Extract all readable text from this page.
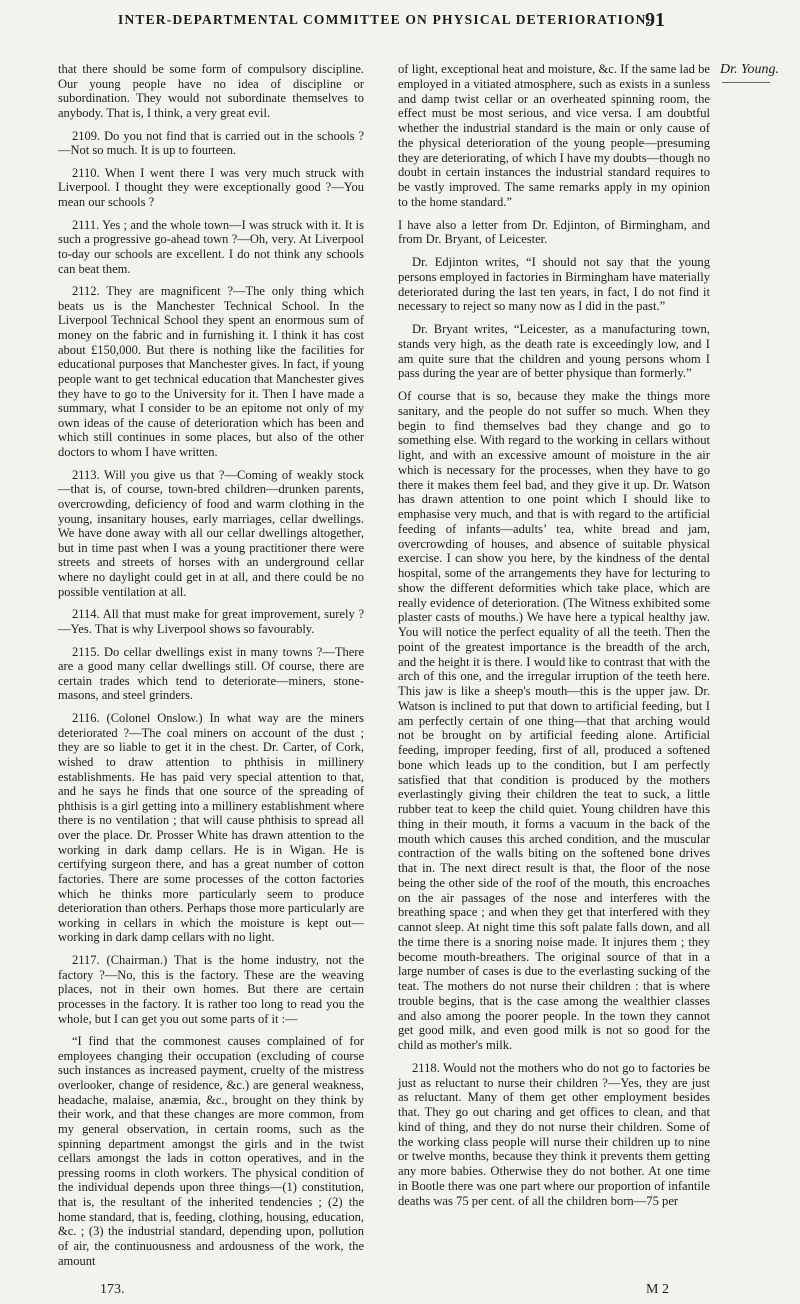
INTER-DEPARTMENTAL COMMITTEE ON PHYSICAL DETERIORATION.
91

that there should be some form of compulsory discipline. Our young people have no idea of discipline or subordination. They would not subordinate themselves to anybody. That is, I think, a very great evil.

2109. Do you not find that is carried out in the schools ?—Not so much. It is up to fourteen.

2110. When I went there I was very much struck with Liverpool. I thought they were exceptionally good ?—You mean our schools ?

2111. Yes ; and the whole town—I was struck with it. It is such a progressive go-ahead town ?—Oh, very. At Liverpool to-day our schools are excellent. I do not think any schools can beat them.

2112. They are magnificent ?—The only thing which beats us is the Manchester Technical School. In the Liverpool Technical School they spent an enormous sum of money on the fabric and in furnishing it. I think it has cost about £150,000. But there is nothing like the facilities for educational purposes that Manchester gives. In fact, if young people want to get technical education that Manchester gives they have to go to the University for it. Then I have made a summary, what I consider to be an epitome not only of my own ideas of the cause of deterioration which has been and which still continues in some places, but also of the other doctors to whom I have written.

2113. Will you give us that ?—Coming of weakly stock —that is, of course, town-bred children—drunken parents, overcrowding, deficiency of food and warm clothing in the young, insanitary houses, early marriages, cellar dwellings. We have done away with all our cellar dwellings altogether, but in time past when I was a young practitioner there were streets and streets of horses with an underground cellar where no daylight could get in at all, and there could be no possible ventilation at all.

2114. All that must make for great improvement, surely ?—Yes. That is why Liverpool shows so favourably.

2115. Do cellar dwellings exist in many towns ?—There are a good many cellar dwellings still. Of course, there are certain trades which tend to deteriorate—miners, stone-masons, and steel grinders.

2116. (Colonel Onslow.) In what way are the miners deteriorated ?—The coal miners on account of the dust ; they are so liable to get it in the chest. Dr. Carter, of Cork, wished to draw attention to phthisis in millinery establishments. He has paid very special attention to that, and he says he finds that one source of the spreading of phthisis is a girl getting into a millinery establishment where there is no ventilation ; that will cause phthisis to spread all over the place. Dr. Prosser White has drawn attention to the working in dark damp cellars. He is in Wigan. He is certifying surgeon there, and has a great number of cotton factories. There are some processes of the cotton factories which he thinks more particularly seem to produce deterioration than others. Perhaps those more particularly are working in cellars in which the moisture is kept out—working in dark damp cellars with no light.

2117. (Chairman.) That is the home industry, not the factory ?—No, this is the factory. These are the weaving places, not in their own homes. But there are certain processes in the factory. It is rather too long to read you the whole, but I can get you out some parts of it :—

“I find that the commonest causes complained of for employees changing their occupation (excluding of course such instances as increased payment, cruelty of the mistress overlooker, change of residence, &c.) are general weakness, headache, malaise, anæmia, &c., brought on they think by their work, and that these changes are more common, from my general observation, in certain rooms, such as the spinning department amongst the girls and in the twist cellars amongst the lads in cotton operatives, and in the pressing rooms in cloth workers. The physical condition of the individual depends upon three things—(1) constitution, that is, the resultant of the inherited tendencies ; (2) the home standard, that is, feeding, clothing, housing, education, &c. ; (3) the industrial standard, depending upon, pollution of air, the continuousness and ardousness of the work, the amount

of light, exceptional heat and moisture, &c. If the same lad be employed in a vitiated atmosphere, such as exists in a sunless and damp twist cellar or an overheated spinning room, the effect must be most serious, and vice versa. I am doubtful whether the industrial standard is the main or only cause of the physical deterioration of the young people—presuming they are deteriorating, of which I have my doubts—though no doubt in certain instances the industrial standard requires to be vastly improved. The same remarks apply in my opinion to the home standard.”

I have also a letter from Dr. Edjinton, of Birmingham, and from Dr. Bryant, of Leicester.

Dr. Edjinton writes, “I should not say that the young persons employed in factories in Birmingham have materially deteriorated during the last ten years, in fact, I do not find it necessary to reject so many now as I did in the past.”

Dr. Bryant writes, “Leicester, as a manufacturing town, stands very high, as the death rate is exceedingly low, and I am quite sure that the children and young persons whom I pass during the year are of better physique than formerly.”

Of course that is so, because they make the things more sanitary, and the people do not suffer so much. When they begin to find themselves bad they change and go to something else. With regard to the working in cellars without light, and with an excessive amount of moisture in the air which is necessary for the processes, when they have to go there it makes them feel bad, and they give it up. Dr. Watson has drawn attention to one point which I should like to emphasise very much, and that is with regard to the artificial feeding of infants—adults’ tea, white bread and jam, overcrowding of houses, and absence of suitable physical exercise. I can show you here, by the kindness of the dental hospital, some of the arrangements they have for lecturing to show the different deformities which take place, which are really evidence of deterioration. (The Witness exhibited some plaster casts of mouths.) We have here a typical healthy jaw. You will notice the perfect equality of all the teeth. Then the point of the greatest importance is the breadth of the arch, and the height it is there. I would like to contrast that with the arch of this one, and the irregular irruption of the teeth here. This jaw is like a sheep's mouth—this is the upper jaw. Dr. Watson is inclined to put that down to artificial feeding, but I am perfectly certain of one thing—that that arching would not be brought on by artificial feeding alone. Artificial feeding, improper feeding, first of all, produced a softened bone which leads up to the condition, but I am perfectly satisfied that that condition is produced by the mothers everlastingly giving their children the teat to suck, a little rubber teat to keep the child quiet. Young children have this thing in their mouth, it forms a vacuum in the back of the mouth which causes this arched condition, and the muscular contraction of the walls biting on the softened bone drives that in. The next direct result is that, the floor of the nose being the other side of the roof of the mouth, this encroaches on the air passages of the nose and interferes with the breathing space ; and when they get that interfered with they cannot sleep. At night time this soft palate falls down, and all the time there is a snoring noise made. It injures them ; they become mouth-breathers. The original source of that in a large number of cases is due to the everlasting sucking of the teat. The mothers do not nurse their children : that is where trouble begins, that is the case among the wealthier classes and also among the poorer people. In the town they cannot get good milk, and even good milk is not so good for the child as mother's milk.

2118. Would not the mothers who do not go to factories be just as reluctant to nurse their children ?—Yes, they are just as reluctant. Many of them get other employment besides that. They go out charing and get offices to clean, and that kind of thing, and they do not nurse their children. Some of the working class people will nurse their children up to nine or twelve months, because they think it prevents them getting any more babies. Otherwise they do not bother. At one time in Bootle there was one part where our proportion of infantile deaths was 75 per cent. of all the children born—75 per

Dr. Young.
173.	M 2
